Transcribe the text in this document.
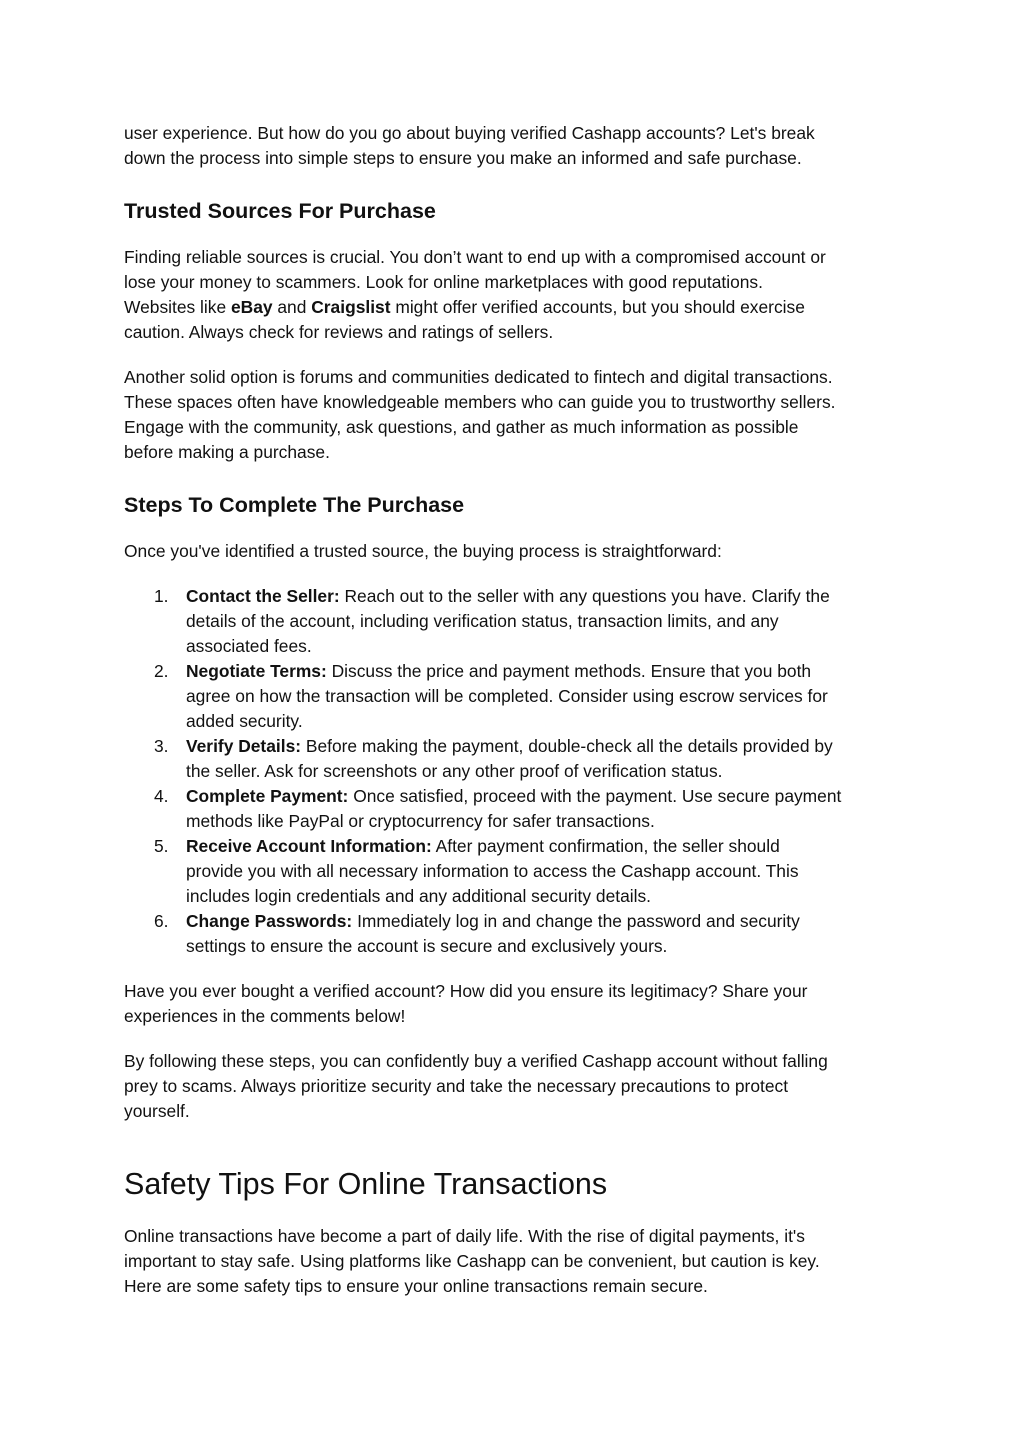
user experience. But how do you go about buying verified Cashapp accounts? Let's break
down the process into simple steps to ensure you make an informed and safe purchase.

Trusted Sources For Purchase

Finding reliable sources is crucial. You don’t want to end up with a compromised account or
lose your money to scammers. Look for online marketplaces with good reputations.
Websites like eBay and Craigslist might offer verified accounts, but you should exercise
caution. Always check for reviews and ratings of sellers.

Another solid option is forums and communities dedicated to fintech and digital transactions.
These spaces often have knowledgeable members who can guide you to trustworthy sellers.
Engage with the community, ask questions, and gather as much information as possible
before making a purchase.

Steps To Complete The Purchase

Once you've identified a trusted source, the buying process is straightforward:

1.	Contact the Seller: Reach out to the seller with any questions you have. Clarify the
details of the account, including verification status, transaction limits, and any
associated fees.
2.	Negotiate Terms: Discuss the price and payment methods. Ensure that you both
agree on how the transaction will be completed. Consider using escrow services for
added security.
3.	Verify Details: Before making the payment, double-check all the details provided by
the seller. Ask for screenshots or any other proof of verification status.
4.	Complete Payment: Once satisfied, proceed with the payment. Use secure payment
methods like PayPal or cryptocurrency for safer transactions.
5.	Receive Account Information: After payment confirmation, the seller should
provide you with all necessary information to access the Cashapp account. This
includes login credentials and any additional security details.
6.	Change Passwords: Immediately log in and change the password and security
settings to ensure the account is secure and exclusively yours.

Have you ever bought a verified account? How did you ensure its legitimacy? Share your
experiences in the comments below!

By following these steps, you can confidently buy a verified Cashapp account without falling
prey to scams. Always prioritize security and take the necessary precautions to protect
yourself.

Safety Tips For Online Transactions

Online transactions have become a part of daily life. With the rise of digital payments, it's
important to stay safe. Using platforms like Cashapp can be convenient, but caution is key.
Here are some safety tips to ensure your online transactions remain secure.
